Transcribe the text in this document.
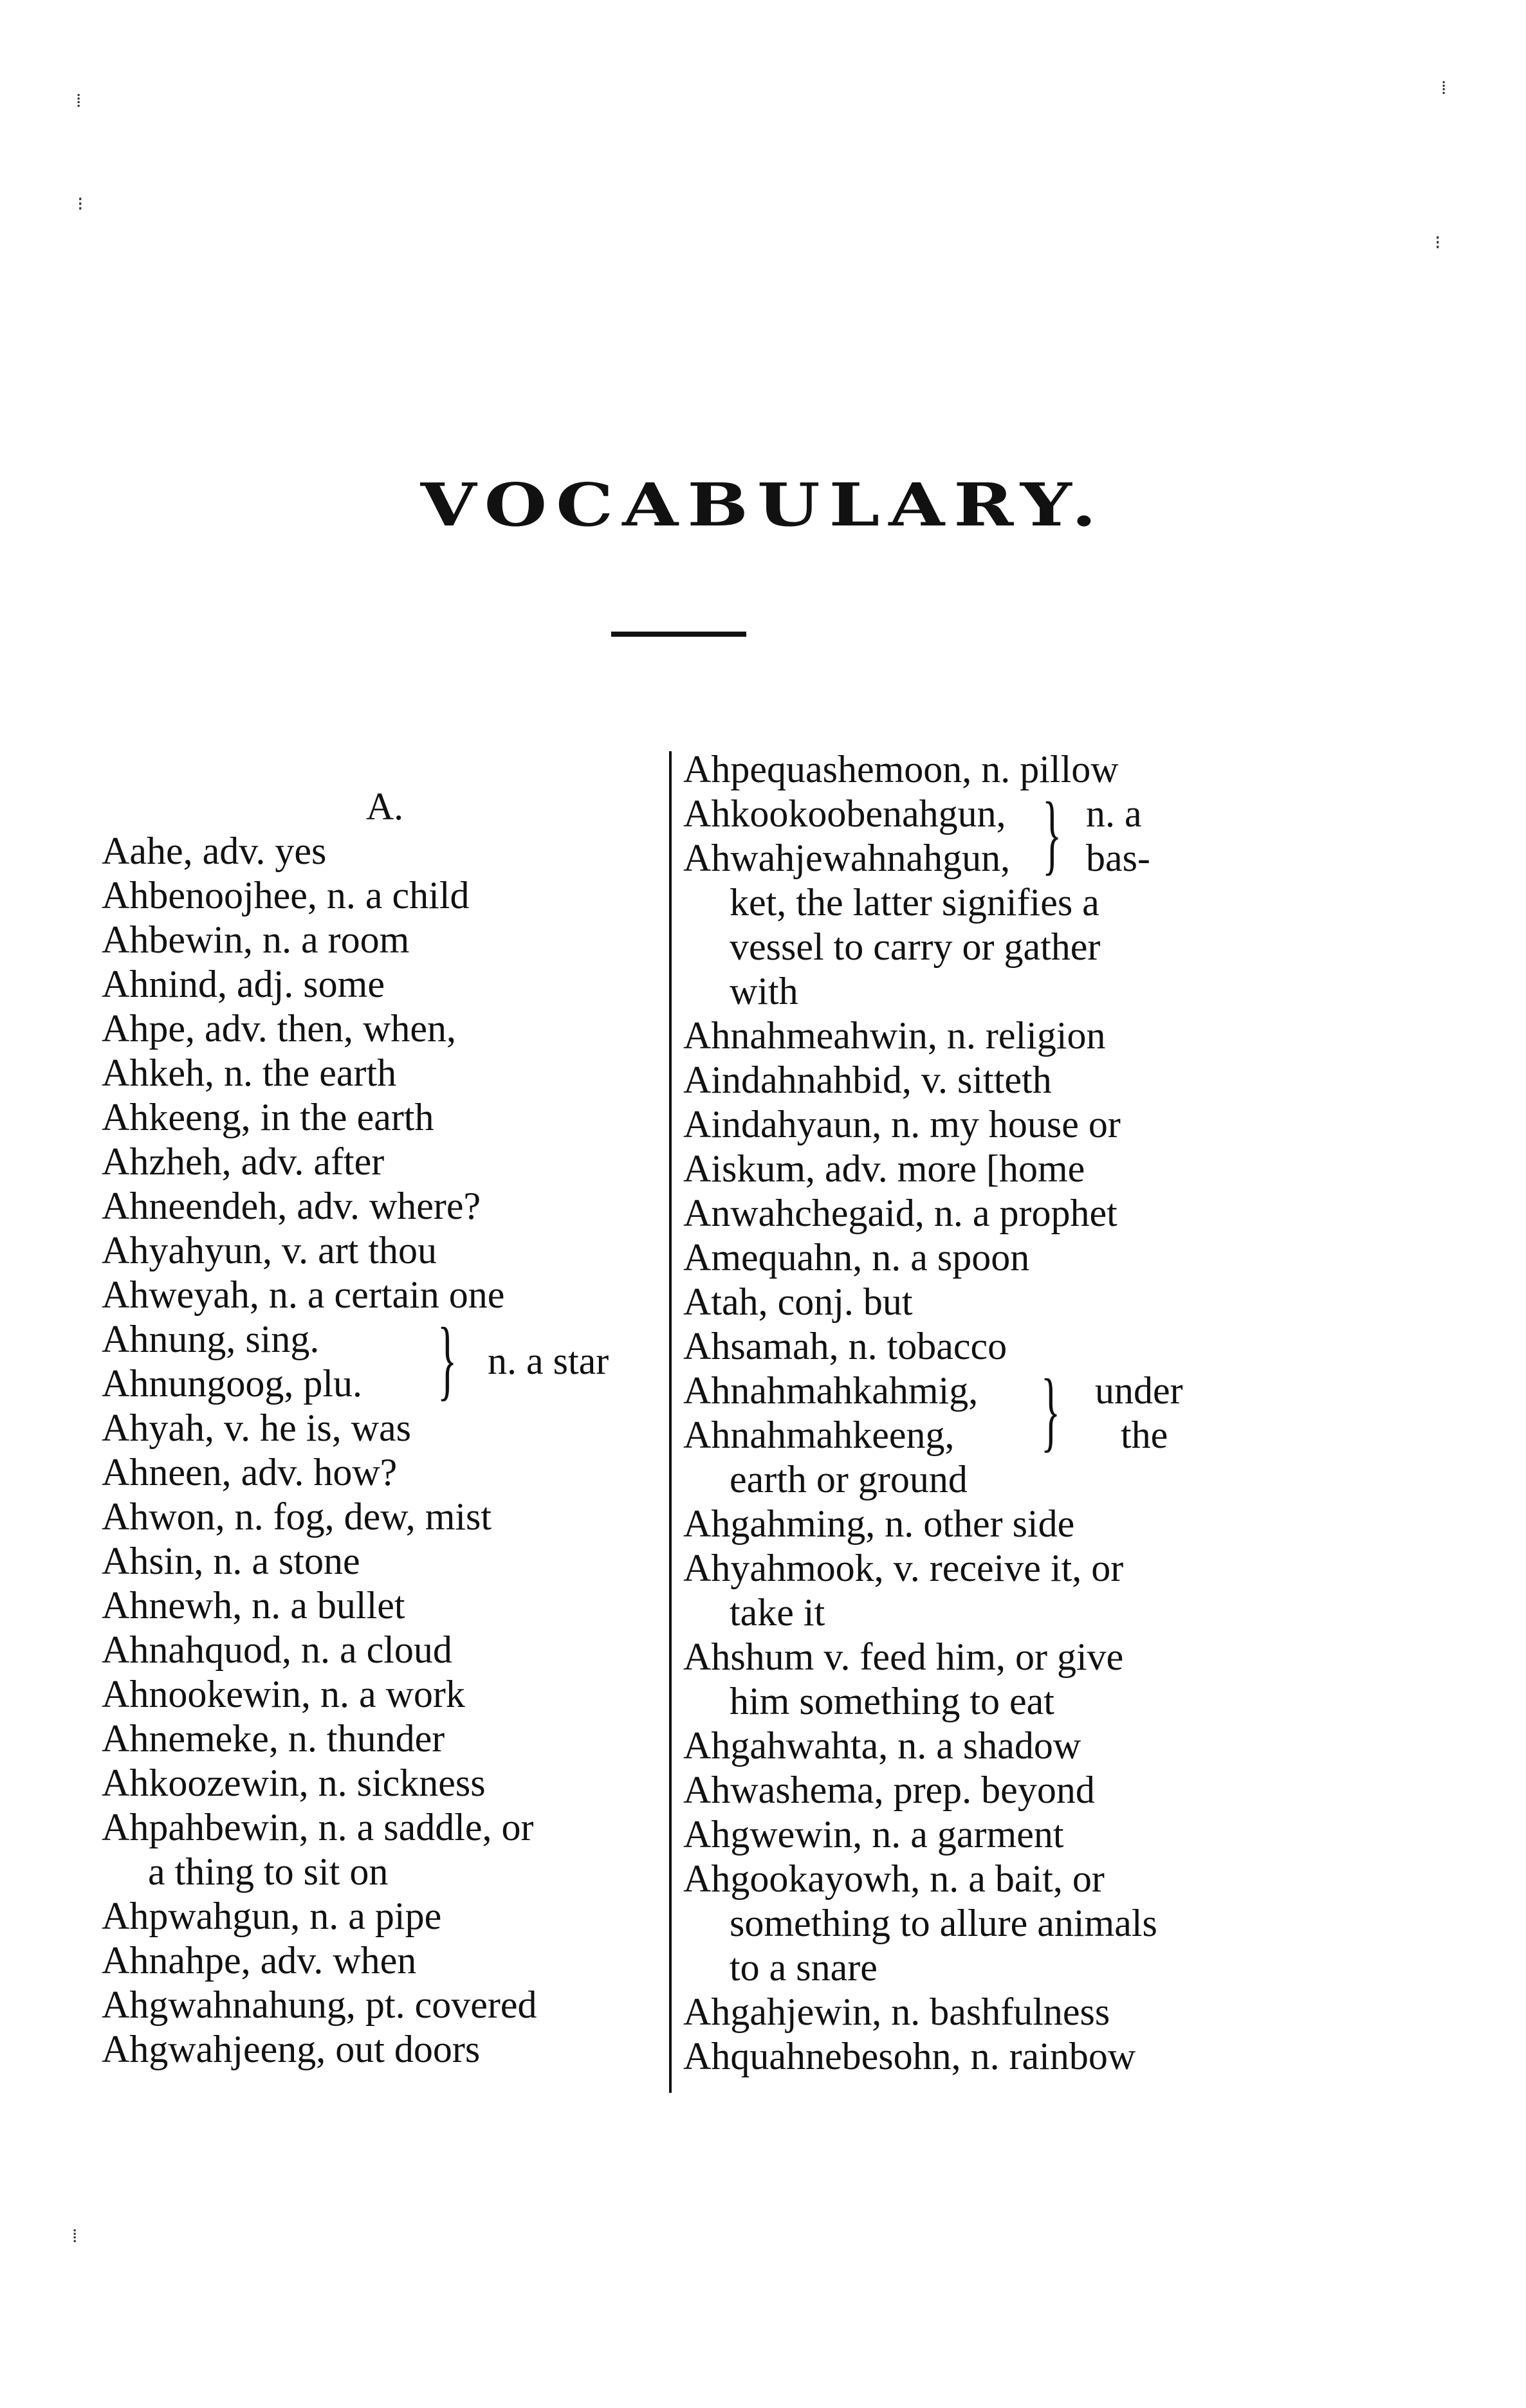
VOCABULARY.
A.
Aahe, adv. yes
Ahbenoojhee, n. a child
Ahbewin, n. a room
Ahnind, adj. some
Ahpe, adv. then, when,
Ahkeh, n. the earth
Ahkeeng, in the earth
Ahzheh, adv. after
Ahneendeh, adv. where?
Ahyahyun, v. art thou
Ahweyah, n. a certain one
Ahnung, sing.
Ahnungoog, plu. } n. a star
Ahyah, v. he is, was
Ahneen, adv. how?
Ahwon, n. fog, dew, mist
Ahsin, n. a stone
Ahnewh, n. a bullet
Ahnahquod, n. a cloud
Ahnookewin, n. a work
Ahnemeke, n. thunder
Ahkoozewin, n. sickness
Ahpahbewin, n. a saddle, or
a thing to sit on
Ahpwahgun, n. a pipe
Ahnahpe, adv. when
Ahgwahnahung, pt. covered
Ahgwahjeeng, out doors
Ahpequashemoon, n. pillow
Ahkookoobenahgun,
Ahwahjewahnahgun, } n. a
bas-
ket, the latter signifies a
vessel to carry or gather
with
Ahnahmeahwin, n. religion
Aindahnahbid, v. sitteth
Aindahyaun, n. my house or
Aiskum, adv. more [home
Anwahchegaid, n. a prophet
Amequahn, n. a spoon
Atah, conj. but
Ahsamah, n. tobacco
Ahnahmahkahmig,
Ahnahmahkeeng, } under
the
earth or ground
Ahgahming, n. other side
Ahyahmook, v. receive it, or
take it
Ahshum v. feed him, or give
him something to eat
Ahgahwahta, n. a shadow
Ahwashema, prep. beyond
Ahgwewin, n. a garment
Ahgookayowh, n. a bait, or
something to allure animals
to a snare
Ahgahjewin, n. bashfulness
Ahquahnebesohn, n. rainbow
⁞
⁝
⁞
⁝
⁞
